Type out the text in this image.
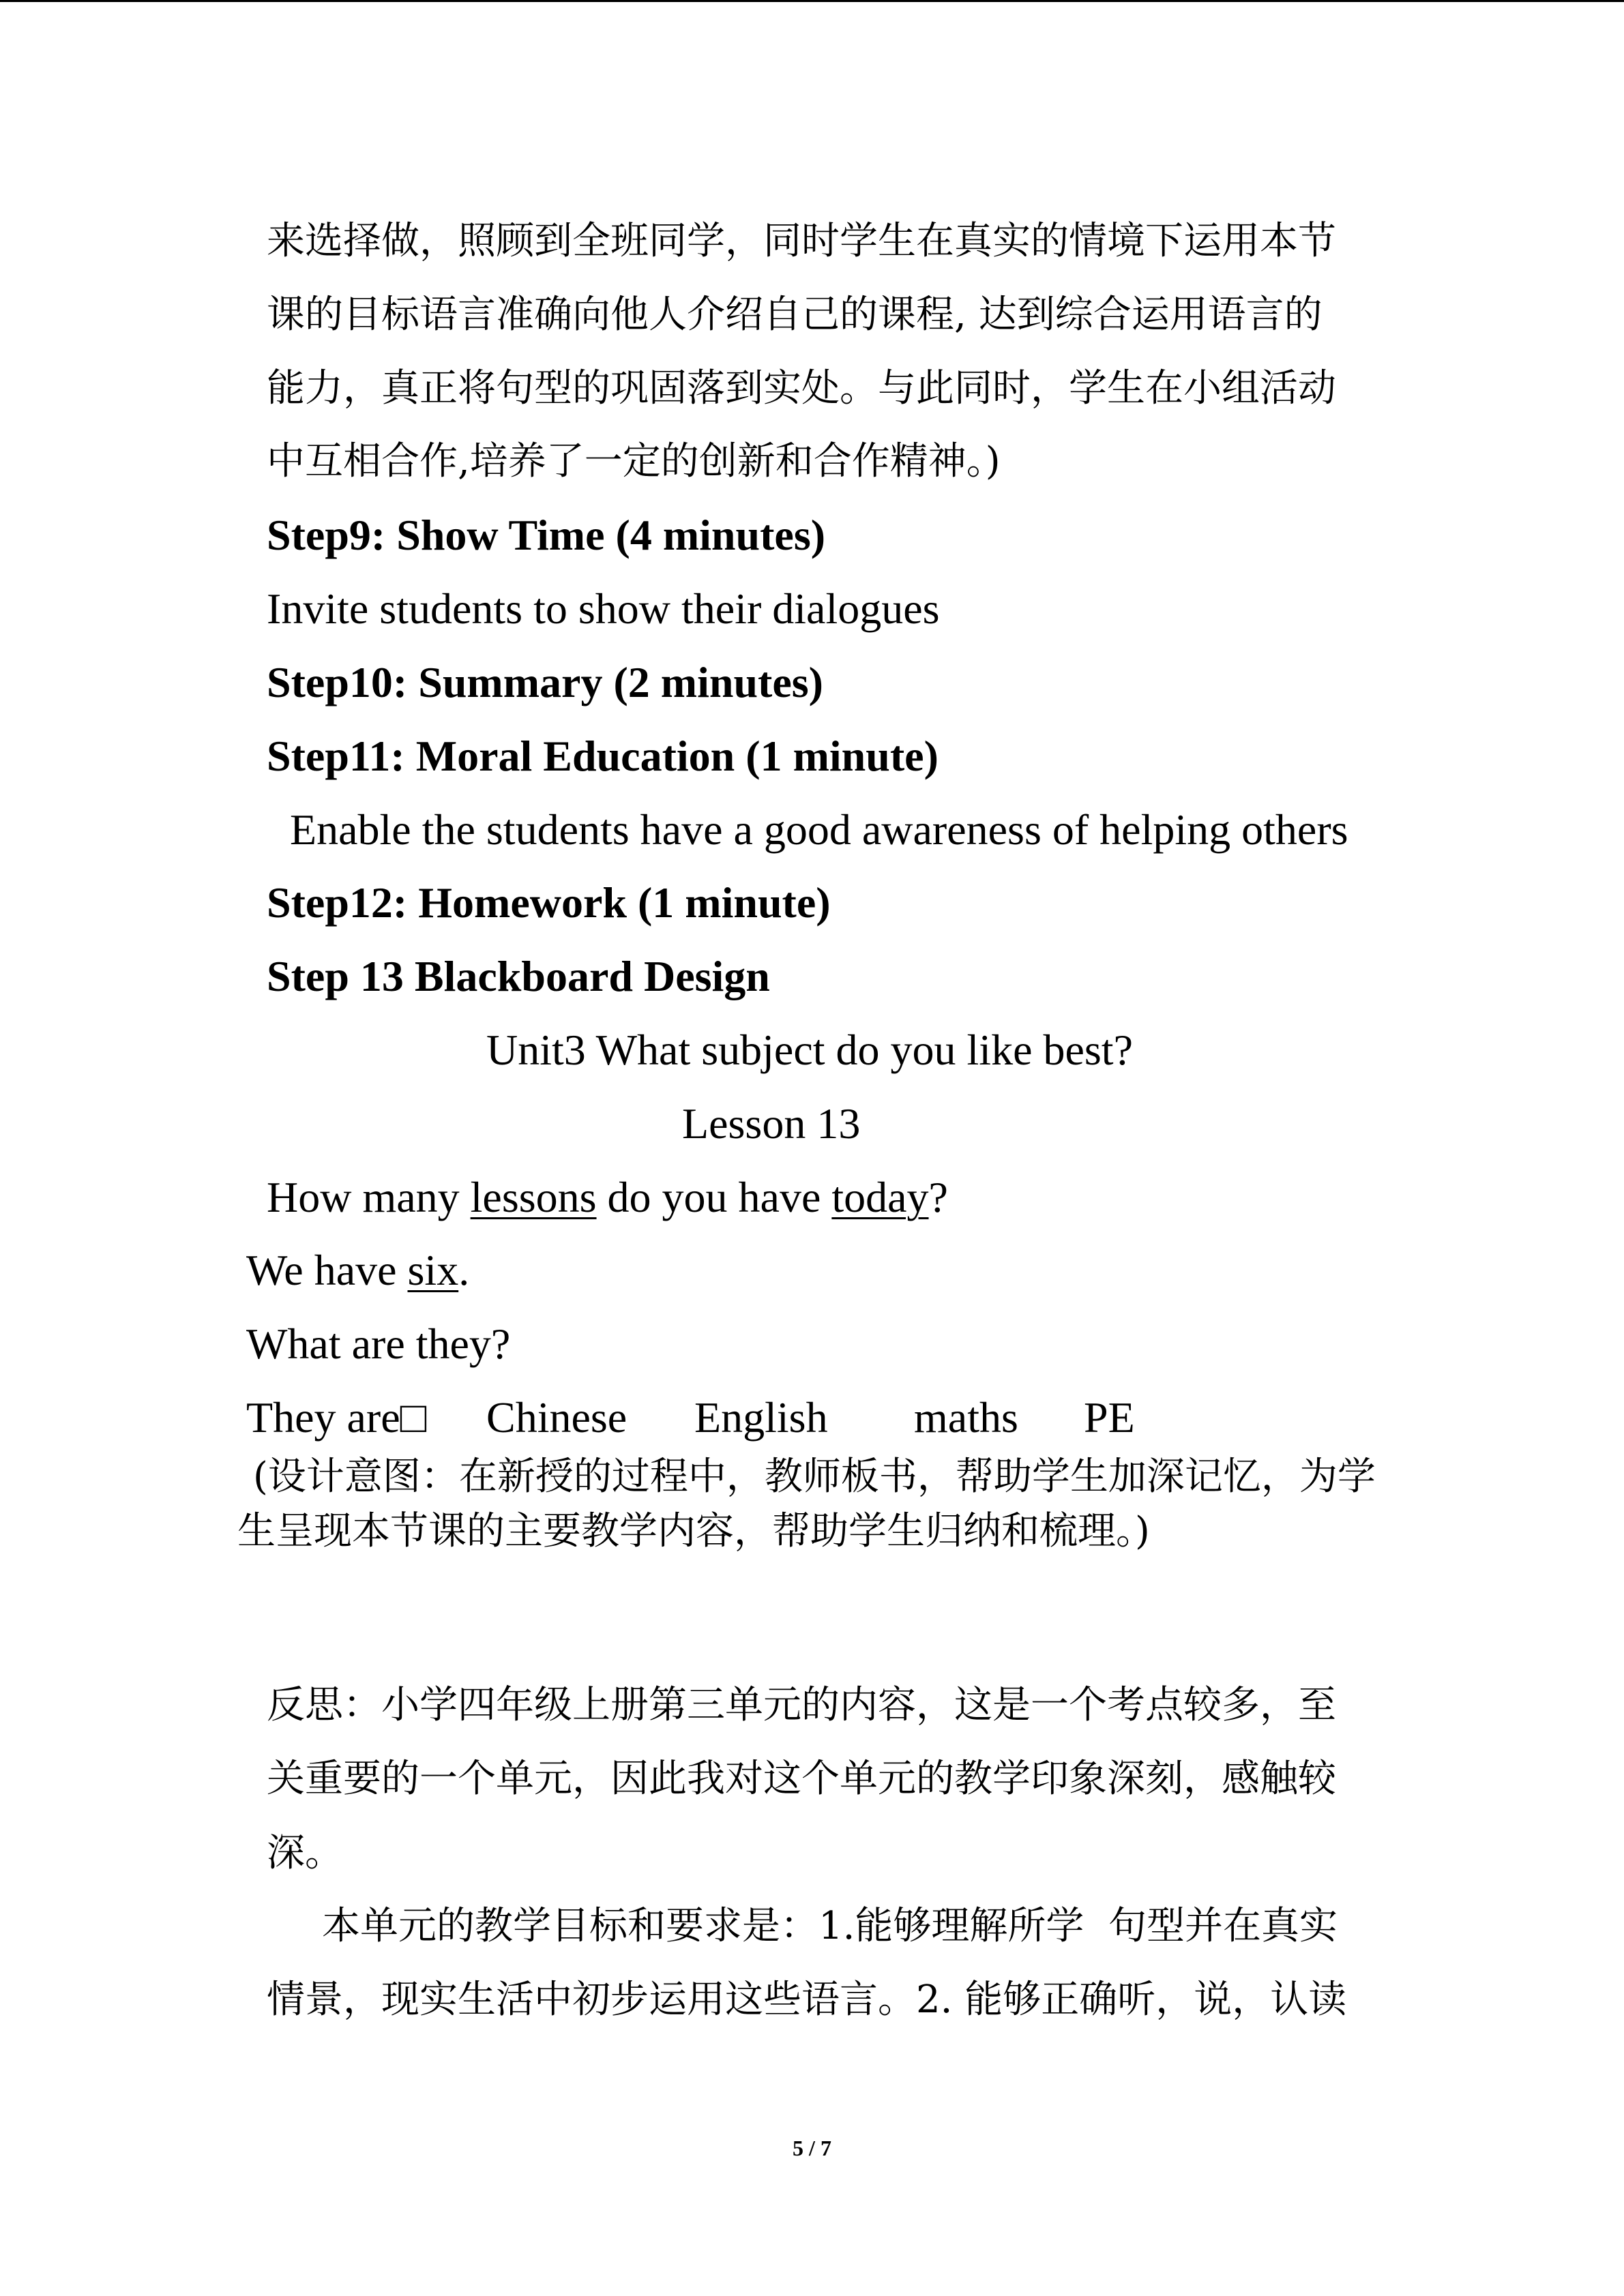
来选择做，照顾到全班同学，同时学生在真实的情境下运用本节

课的目标语言准确向他人介绍自己的课程, 达到综合运用语言的

能力，真正将句型的巩固落到实处。与此同时，学生在小组活动

中互相合作,培养了一定的创新和合作精神。)

Step9: Show Time (4 minutes)

Invite students to show their dialogues

Step10: Summary (2 minutes)

Step11: Moral Education (1 minute)

Enable the students have a good awareness of helping others

Step12: Homework (1 minute)

Step 13 Blackboard Design

Unit3 What subject do you like best?

Lesson 13

How many lessons do you have today?

We have six.

What are they?

They are□

Chinese

English

maths

PE

(设计意图：在新授的过程中，教师板书，帮助学生加深记忆，为学

生呈现本节课的主要教学内容，帮助学生归纳和梳理。)

反思：小学四年级上册第三单元的内容，这是一个考点较多，至

关重要的一个单元，因此我对这个单元的教学印象深刻，感触较

深。

本单元的教学目标和要求是：1.能够理解所学  句型并在真实

情景，现实生活中初步运用这些语言。2. 能够正确听，说，认读

5 / 7
